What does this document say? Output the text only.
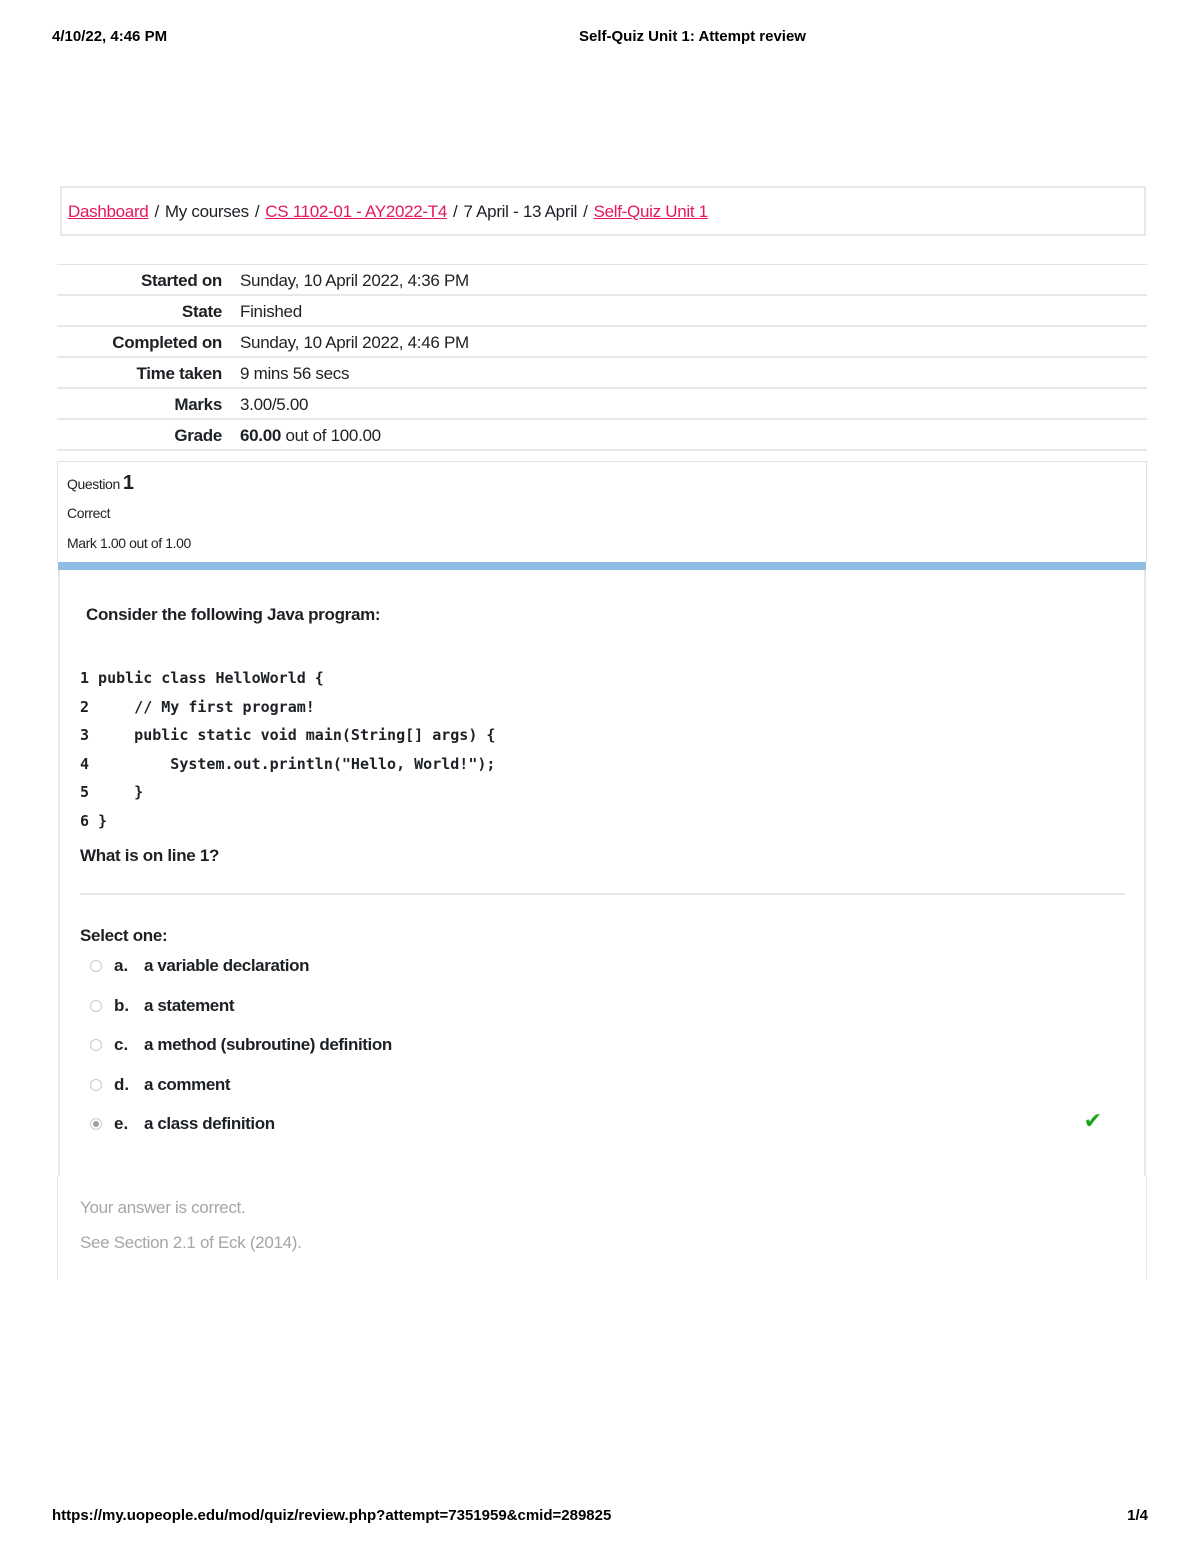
4/10/22, 4:46 PM	Self-Quiz Unit 1: Attempt review
Dashboard / My courses / CS 1102-01 - AY2022-T4 / 7 April - 13 April / Self-Quiz Unit 1
Started on Sunday, 10 April 2022, 4:36 PM
State Finished
Completed on Sunday, 10 April 2022, 4:46 PM
Time taken 9 mins 56 secs
Marks 3.00/5.00
Grade 60.00 out of 100.00
Question 1
Correct
Mark 1.00 out of 1.00
Consider the following Java program:
1 public class HelloWorld {
2     // My first program!
3     public static void main(String[] args) {
4         System.out.println("Hello, World!");
5     }
6 }
What is on line 1?
Select one:
a. a variable declaration
b. a statement
c. a method (subroutine) definition
d. a comment
e. a class definition	✔
Your answer is correct.
See Section 2.1 of Eck (2014).
https://my.uopeople.edu/mod/quiz/review.php?attempt=7351959&cmid=289825	1/4
